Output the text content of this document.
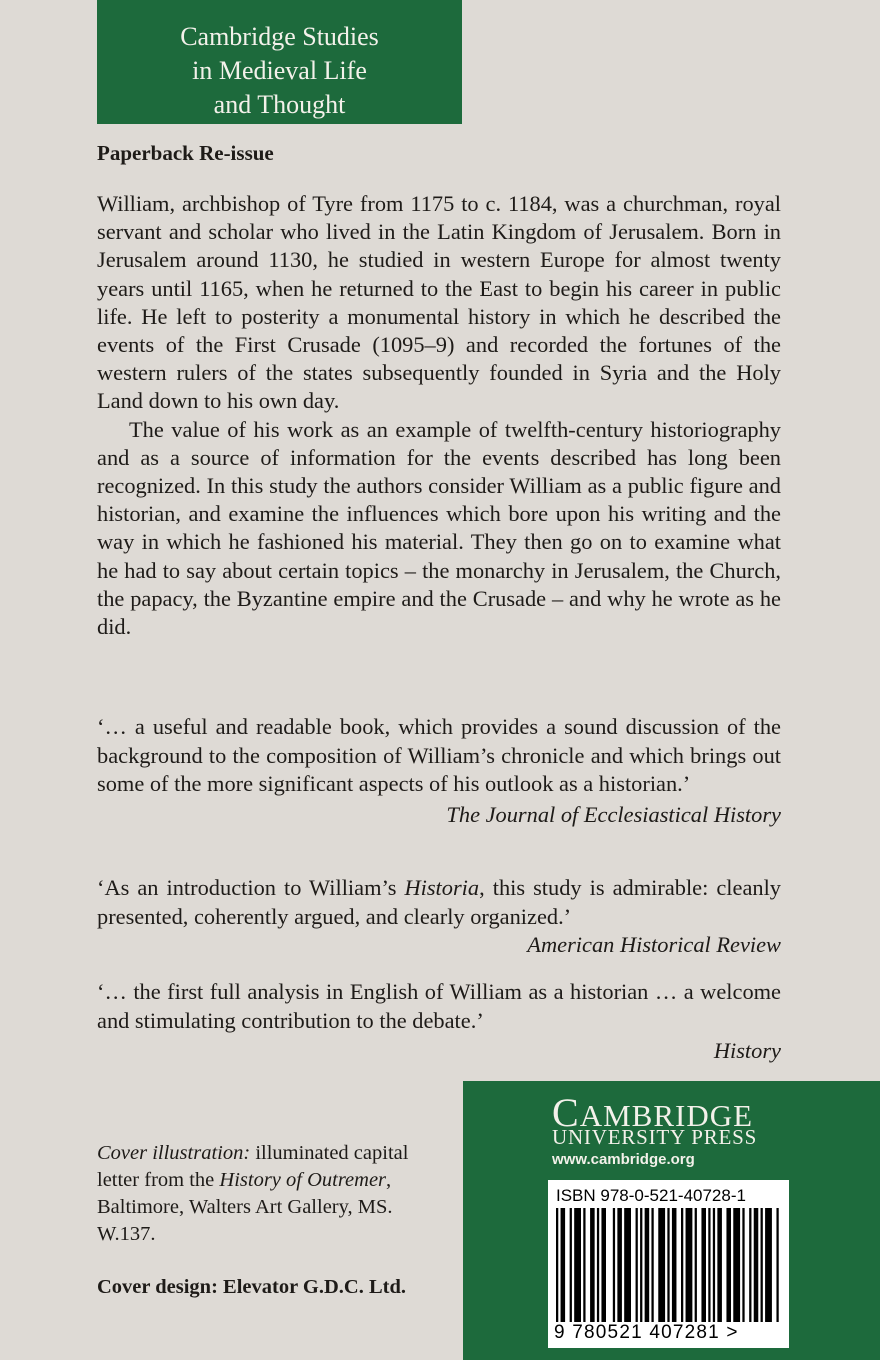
Cambridge Studies
in Medieval Life
and Thought
Paperback Re-issue

William, archbishop of Tyre from 1175 to c. 1184, was a churchman, royal servant and scholar who lived in the Latin Kingdom of Jerusalem. Born in Jerusalem around 1130, he studied in western Europe for almost twenty years until 1165, when he returned to the East to begin his career in public life. He left to posterity a monumental history in which he described the events of the First Crusade (1095–9) and recorded the fortunes of the western rulers of the states subsequently founded in Syria and the Holy Land down to his own day.

The value of his work as an example of twelfth-century historiography and as a source of information for the events described has long been recognized. In this study the authors consider William as a public figure and historian, and examine the influences which bore upon his writing and the way in which he fashioned his material. They then go on to examine what he had to say about certain topics – the monarchy in Jerusalem, the Church, the papacy, the Byzantine empire and the Crusade – and why he wrote as he did.

‘… a useful and readable book, which provides a sound discussion of the background to the composition of William’s chronicle and which brings out some of the more significant aspects of his outlook as a historian.’
The Journal of Ecclesiastical History
‘As an introduction to William’s Historia, this study is admirable: cleanly presented, coherently argued, and clearly organized.’
American Historical Review
‘… the first full analysis in English of William as a historian … a welcome and stimulating contribution to the debate.’
History
Cover illustration: illuminated capital letter from the History of Outremer, Baltimore, Walters Art Gallery, MS. W.137.
Cover design: Elevator G.D.C. Ltd.
CAMBRIDGE
UNIVERSITY PRESS
www.cambridge.org
ISBN 978-0-521-40728-1
9 780521 407281 >
